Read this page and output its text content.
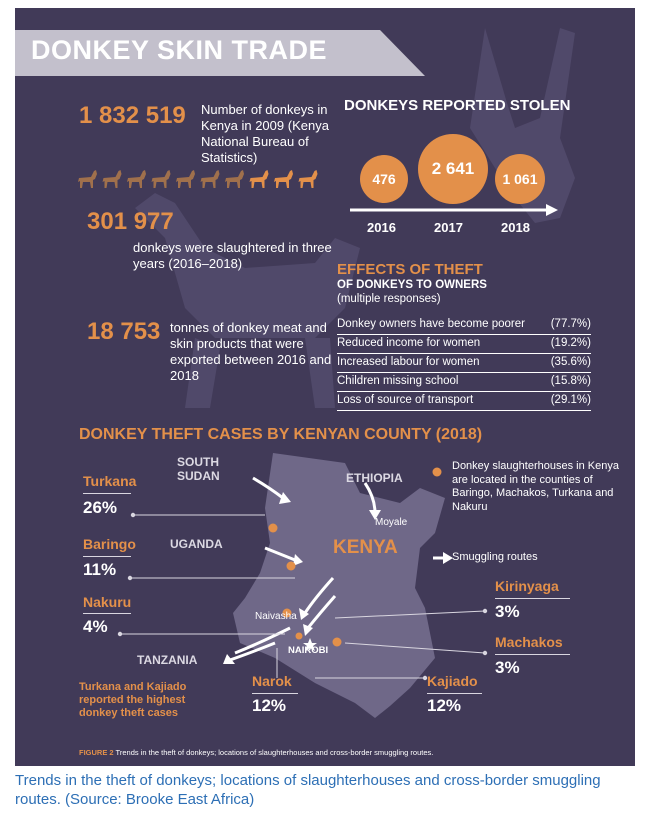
DONKEY SKIN TRADE
1 832 519 Number of donkeys in Kenya in 2009 (Kenya National Bureau of Statistics)
301 977
donkeys were slaughtered in three years (2016–2018)
18 753 tonnes of donkey meat and skin products that were exported between 2016 and 2018
DONKEYS REPORTED STOLEN
476
2 641
1 061
2016	2017	2018
EFFECTS OF THEFT
OF DONKEYS TO OWNERS
(multiple responses)
Donkey owners have become poorer (77.7%)
Reduced income for women	(19.2%)
Increased labour for women	(35.6%)
Children missing school	(15.8%)
Loss of source of transport	(29.1%)
DONKEY THEFT CASES BY KENYAN COUNTY (2018)
SOUTH
SUDAN	ETHIOPIA
UGANDA	KENYA
TANZANIA
Moyale
Naivasha
NAIROBI
Donkey slaughterhouses in Kenya are located in the counties of Baringo, Machakos, Turkana and Nakuru
Smuggling routes
Turkana
26%
Baringo
11%
Nakuru
4%
Kirinyaga
3%
Machakos
3%
Narok
12%
Kajiado
12%
Turkana and Kajiado reported the highest donkey theft cases
FIGURE 2 Trends in the theft of donkeys; locations of slaughterhouses and cross-border smuggling routes.
Trends in the theft of donkeys; locations of slaughterhouses and cross-border smuggling routes. (Source: Brooke East Africa)
